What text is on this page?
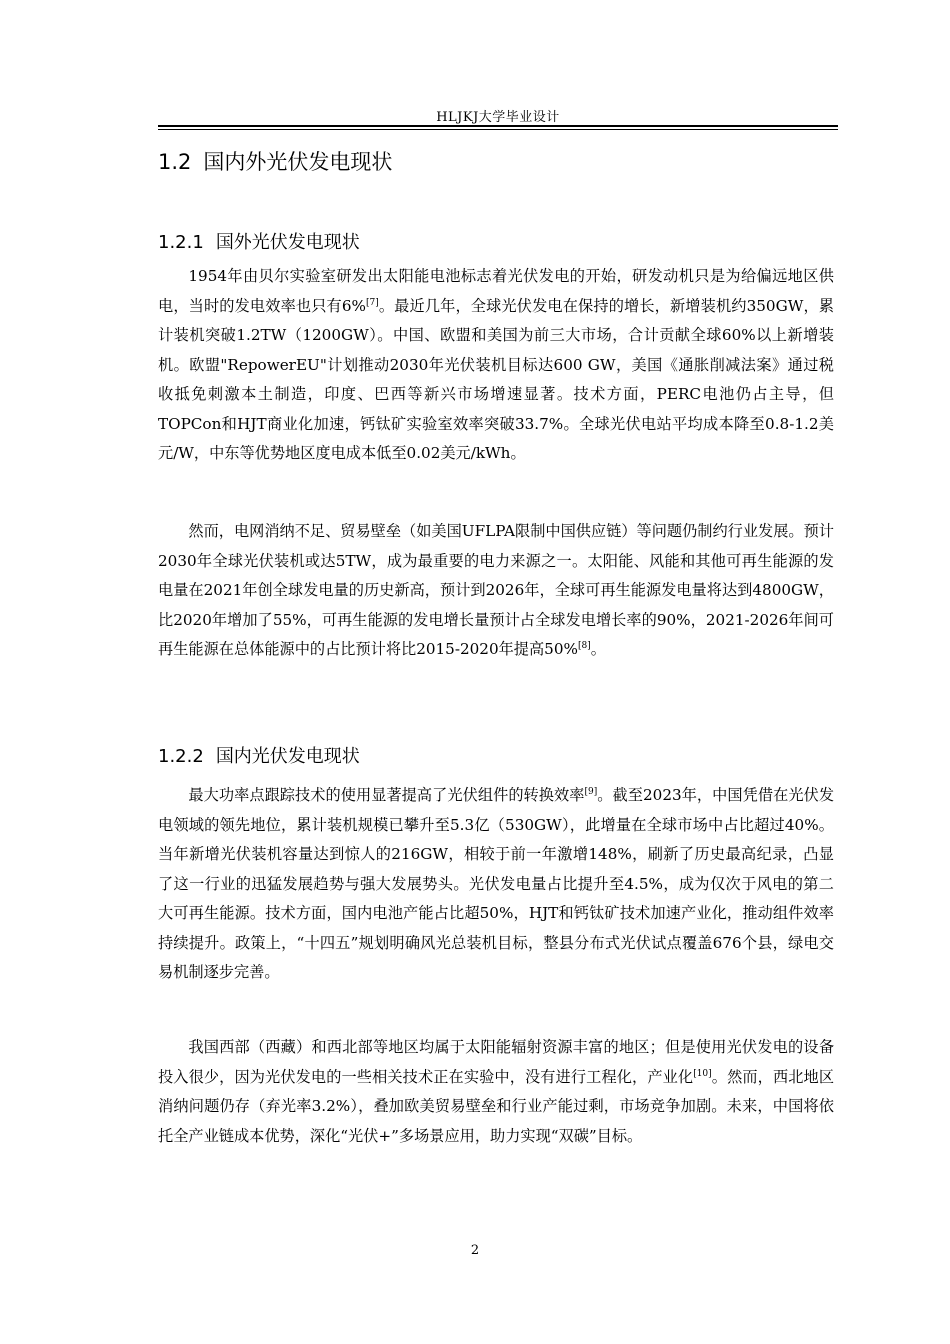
HLJKJ大学毕业设计
1.2 国内外光伏发电现状
1.2.1 国外光伏发电现状

1954年由贝尔实验室研发出太阳能电池标志着光伏发电的开始，研发动机只是为给偏远地区供电，当时的发电效率也只有6%[7]。最近几年，全球光伏发电在保持的增长，新增装机约350GW，累计装机突破1.2TW（1200GW）。中国、欧盟和美国为前三大市场，合计贡献全球60%以上新增装机。欧盟"RepowerEU"计划推动2030年光伏装机目标达600 GW，美国《通胀削减法案》通过税收抵免刺激本土制造，印度、巴西等新兴市场增速显著。技术方面，PERC电池仍占主导，但TOPCon和HJT商业化加速，钙钛矿实验室效率突破33.7%。全球光伏电站平均成本降至0.8-1.2美元/W，中东等优势地区度电成本低至0.02美元/kWh。

然而，电网消纳不足、贸易壁垒（如美国UFLPA限制中国供应链）等问题仍制约行业发展。预计2030年全球光伏装机或达5TW，成为最重要的电力来源之一。太阳能、风能和其他可再生能源的发电量在2021年创全球发电量的历史新高，预计到2026年，全球可再生能源发电量将达到4800GW，比2020年增加了55%，可再生能源的发电增长量预计占全球发电增长率的90%，2021-2026年间可再生能源在总体能源中的占比预计将比2015-2020年提高50%[8]。

1.2.2 国内光伏发电现状

最大功率点跟踪技术的使用显著提高了光伏组件的转换效率[9]。截至2023年，中国凭借在光伏发电领域的领先地位，累计装机规模已攀升至5.3亿（530GW），此增量在全球市场中占比超过40%。当年新增光伏装机容量达到惊人的216GW，相较于前一年激增148%，刷新了历史最高纪录，凸显了这一行业的迅猛发展趋势与强大发展势头。光伏发电量占比提升至4.5%，成为仅次于风电的第二大可再生能源。技术方面，国内电池产能占比超50%，HJT和钙钛矿技术加速产业化，推动组件效率持续提升。政策上，“十四五”规划明确风光总装机目标，整县分布式光伏试点覆盖676个县，绿电交易机制逐步完善。

我国西部（西藏）和西北部等地区均属于太阳能辐射资源丰富的地区；但是使用光伏发电的设备投入很少，因为光伏发电的一些相关技术正在实验中，没有进行工程化，产业化[10]。然而，西北地区消纳问题仍存（弃光率3.2%），叠加欧美贸易壁垒和行业产能过剩，市场竞争加剧。未来，中国将依托全产业链成本优势，深化“光伏+”多场景应用，助力实现“双碳”目标。

2
